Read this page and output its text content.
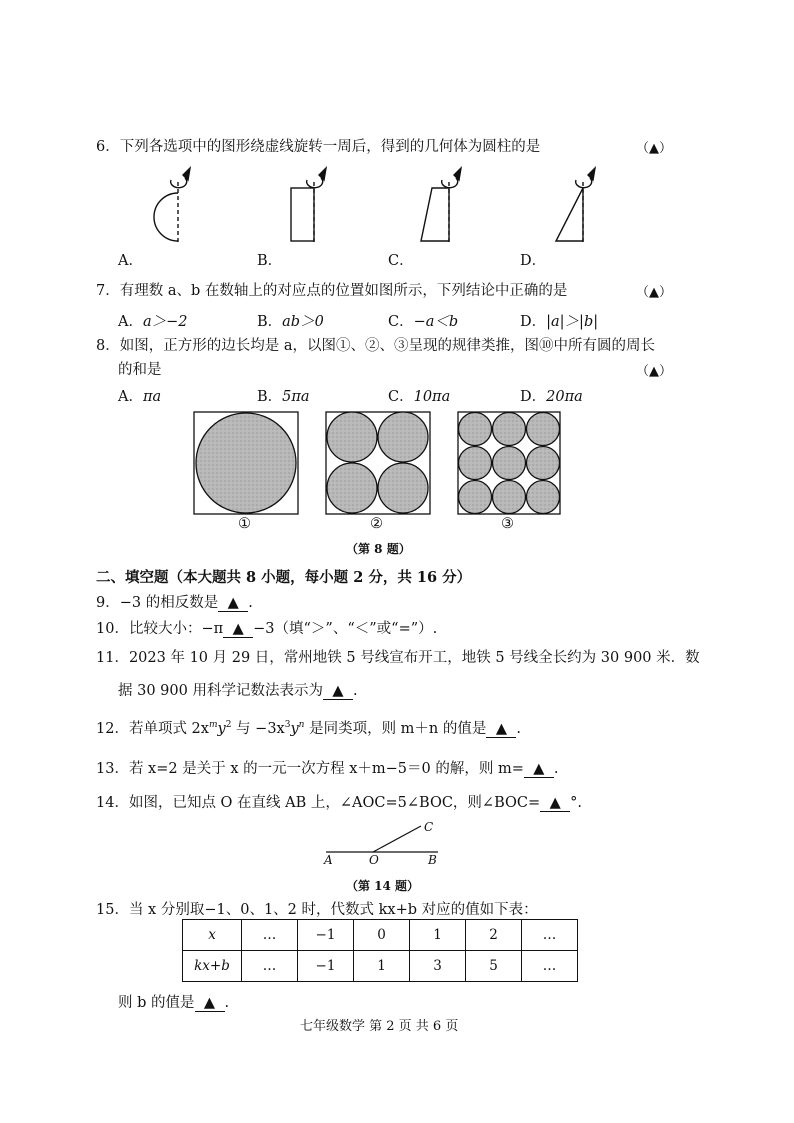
6．下列各选项中的图形绕虚线旋转一周后，得到的几何体为圆柱的是	（▲）
A．	B．	C．	D．
7．有理数 a、b 在数轴上的对应点的位置如图所示，下列结论中正确的是	（▲）
A．a＞−2	B．ab＞0	C．−a＜b	D．|a|＞|b|
8．如图，正方形的边长均是 a，以图①、②、③呈现的规律类推，图⑩中所有圆的周长
的和是	（▲）
A．πa	B．5πa	C．10πa	D．20πa
①	②	③
（第 8 题）
二、填空题（本大题共 8 小题，每小题 2 分，共 16 分）
9．−3 的相反数是 ▲ .
10．比较大小：−π ▲ −3（填“＞”、“＜”或“=”）.
11．2023 年 10 月 29 日，常州地铁 5 号线宣布开工，地铁 5 号线全长约为 30 900 米．数
据 30 900 用科学记数法表示为 ▲ .
12．若单项式 $2x^my^2$ 与 $-3x^3y^n$ 是同类项，则 m＋n 的值是 ▲ .
13．若 x=2 是关于 x 的一元一次方程 x＋m−5＝0 的解，则 m= ▲ .
14．如图，已知点 O 在直线 AB 上，∠AOC=5∠BOC，则∠BOC= ▲ °.
A	O	B
C
（第 14 题）
15．当 x 分别取−1、0、1、2 时，代数式 kx+b 对应的值如下表：
x	…	−1	0	1	2	…
kx+b	…	−1	1	3	5	…
则 b 的值是 ▲ .
七年级数学 第 2 页 共 6 页
